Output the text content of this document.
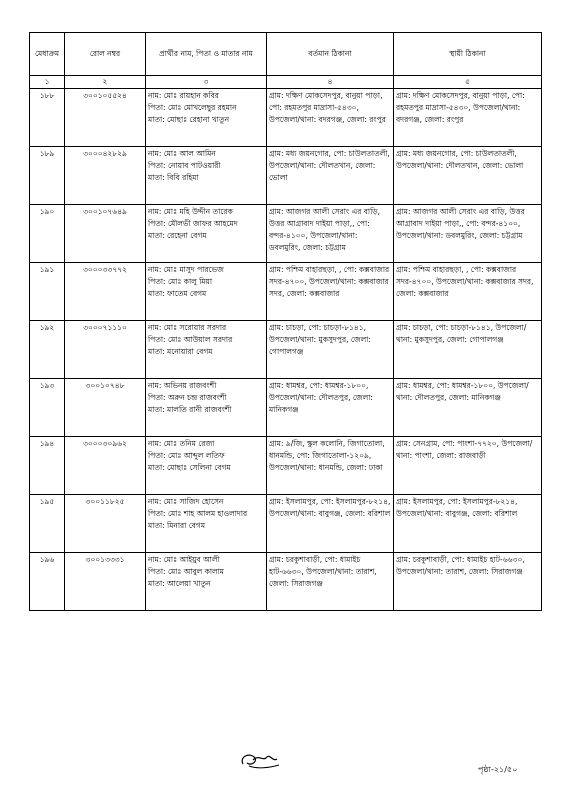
মেধাক্রম	রোল নম্বর	প্রার্থীর নাম, পিতা ও মাতার নাম	বর্তমান ঠিকানা	স্থায়ী ঠিকানা
১	২	৩	৪	৫
১৮৮	৩০০১০৫৫২৪	নাম: মোঃ রায়হান কবির
পিতা: মোঃ মোখলেছুর রহমান
মাতা: মোছাঃ রেহানা খাতুন	গ্রাম: দক্ষিণ মোকসেদপুর, বানুয়া পাড়া, পো: রহমতপুর মাদ্রাসা-৫৪৩০, উপজেলা/থানা: বদরগঞ্জ, জেলা: রংপুর	গ্রাম: দক্ষিণ মোকসেদপুর, বানুয়া পাড়া, পো: রহমতপুর মাদ্রাসা-৫৪৩০, উপজেলা/থানা: বদরগঞ্জ, জেলা: রংপুর
১৮৯	৩০০০৪২৮২৯	নাম: মোঃ আল আমিন
পিতা: নোয়াব পাটওয়ারী
মাতা: বিবি রহিমা	গ্রাম: মধ্য জয়নগোর, পো: চাউলতাতলী, উপজেলা/থানা: দৌলতখান, জেলা: ভোলা	গ্রাম: মধ্য জয়নগোর, পো: চাউলতাতলী, উপজেলা/থানা: দৌলতখান, জেলা: ভোলা
১৯০	৩০০১০৭৬৪৯	নাম: মোঃ মহি উদ্দীন তারেক
পিতা: মৌলভী জাফর আহমেদ
মাতা: রেহেনা বেগম	গ্রাম: আজগর আলী সেরাং এর বাড়ি, উত্তর আগ্রাবাদ দাইয়া পাড়া,, পো: বন্দর-৪১০০, উপজেলা/থানা: ডবলমুরিং, জেলা: চট্টগ্রাম	গ্রাম: আজগর আলী সেরাং এর বাড়ি, উত্তর আগ্রাবাদ দাইয়া পাড়া,, পো: বন্দর-৪১০০, উপজেলা/থানা: ডবলমুরিং, জেলা: চট্টগ্রাম
১৯১	৩০০০৩৩৭৭২	নাম: মোঃ মাসুদ পারভেজ
পিতা: মোঃ কালু মিয়া
মাতা: ফাতেম বেগম	গ্রাম: পশ্চিম বাহারছড়া, , পো: কক্সবাজার সদর-৪৭০০, উপজেলা/থানা: কক্সবাজার সদর, জেলা: কক্সবাজার	গ্রাম: পশ্চিম বাহারছড়া, , পো: কক্সবাজার সদর-৪৭০০, উপজেলা/থানা: কক্সবাজার সদর, জেলা: কক্সবাজার
১৯২	৩০০০৭১১১০	নাম: মোঃ সরোয়ার সরদার
পিতা: মোঃ আউয়াল সরদার
মাতা: মনোয়ারা বেগম	গ্রাম: চাচড়া, পো: চাচড়া-৮১৪১, উপজেলা/থানা: মুকসুদপুর, জেলা: গোপালগঞ্জ	গ্রাম: চাচড়া, পো: চাচড়া-৮১৪১, উপজেলা/থানা: মুকসুদপুর, জেলা: গোপালগঞ্জ
১৯৩	৩০০১০৭৪৮	নাম: অভিনয় রাজবংশী
পিতা: অরুন চন্দ্র রাজবংশী
মাতা: মালতি রানী রাজবংশী	গ্রাম: ধামশ্বর, পো: ধামশ্বর-১৮০০, উপজেলা/থানা: দৌলতপুর, জেলা: মানিকগঞ্জ	গ্রাম: ধামশ্বর, পো: ধামশ্বর-১৮০০, উপজেলা/থানা: দৌলতপুর, জেলা: মানিকগঞ্জ
১৯৪	৩০০০৩০৯৬২	নাম: মোঃ তনিম রেজা
পিতা: মোঃ আব্দুল লতিফ
মাতা: মোছাঃ সেলিনা বেগম	গ্রাম: ৯/জি, স্কুল কলোনি, জিগাতোলা, ধানমন্ডি, পো: জিগাতোলা-১২০৯, উপজেলা/থানা: ধানমন্ডি, জেলা: ঢাকা	গ্রাম: সেনগ্রাম, পো: পাংশা-৭৭২০, উপজেলা/থানা: পাংশা, জেলা: রাজবাড়ী
১৯৫	৩০০১১৮২৫	নাম: মোঃ সাজিদ হোসেন
পিতা: মোঃ শাহ আলম হাওলাদার
মাতা: মিনারা বেগম	গ্রাম: ইসলামপুর, পো: ইসলামপুর-৮২১৪, উপজেলা/থানা: বাবুগঞ্জ, জেলা: বরিশাল	গ্রাম: ইসলামপুর, পো: ইসলামপুর-৮২১৪, উপজেলা/থানা: বাবুগঞ্জ, জেলা: বরিশাল
১৯৬	৩০০১৩৩৩১	নাম: মোঃ আইয়ুব আলী
পিতা: মোঃ আবুল কালাম
মাতা: আলেয়া খাতুন	গ্রাম: চরকুশাবাড়ী, পো: ধামাইচ হাট-৬৬৩০, উপজেলা/থানা: তারাশ, জেলা: সিরাজগঞ্জ	গ্রাম: চরকুশাবাড়ী, পো: ধামাইচ হাট-৬৬৩০, উপজেলা/থানা: তারাশ, জেলা: সিরাজগঞ্জ
পৃষ্ঠা-২১/৫০
